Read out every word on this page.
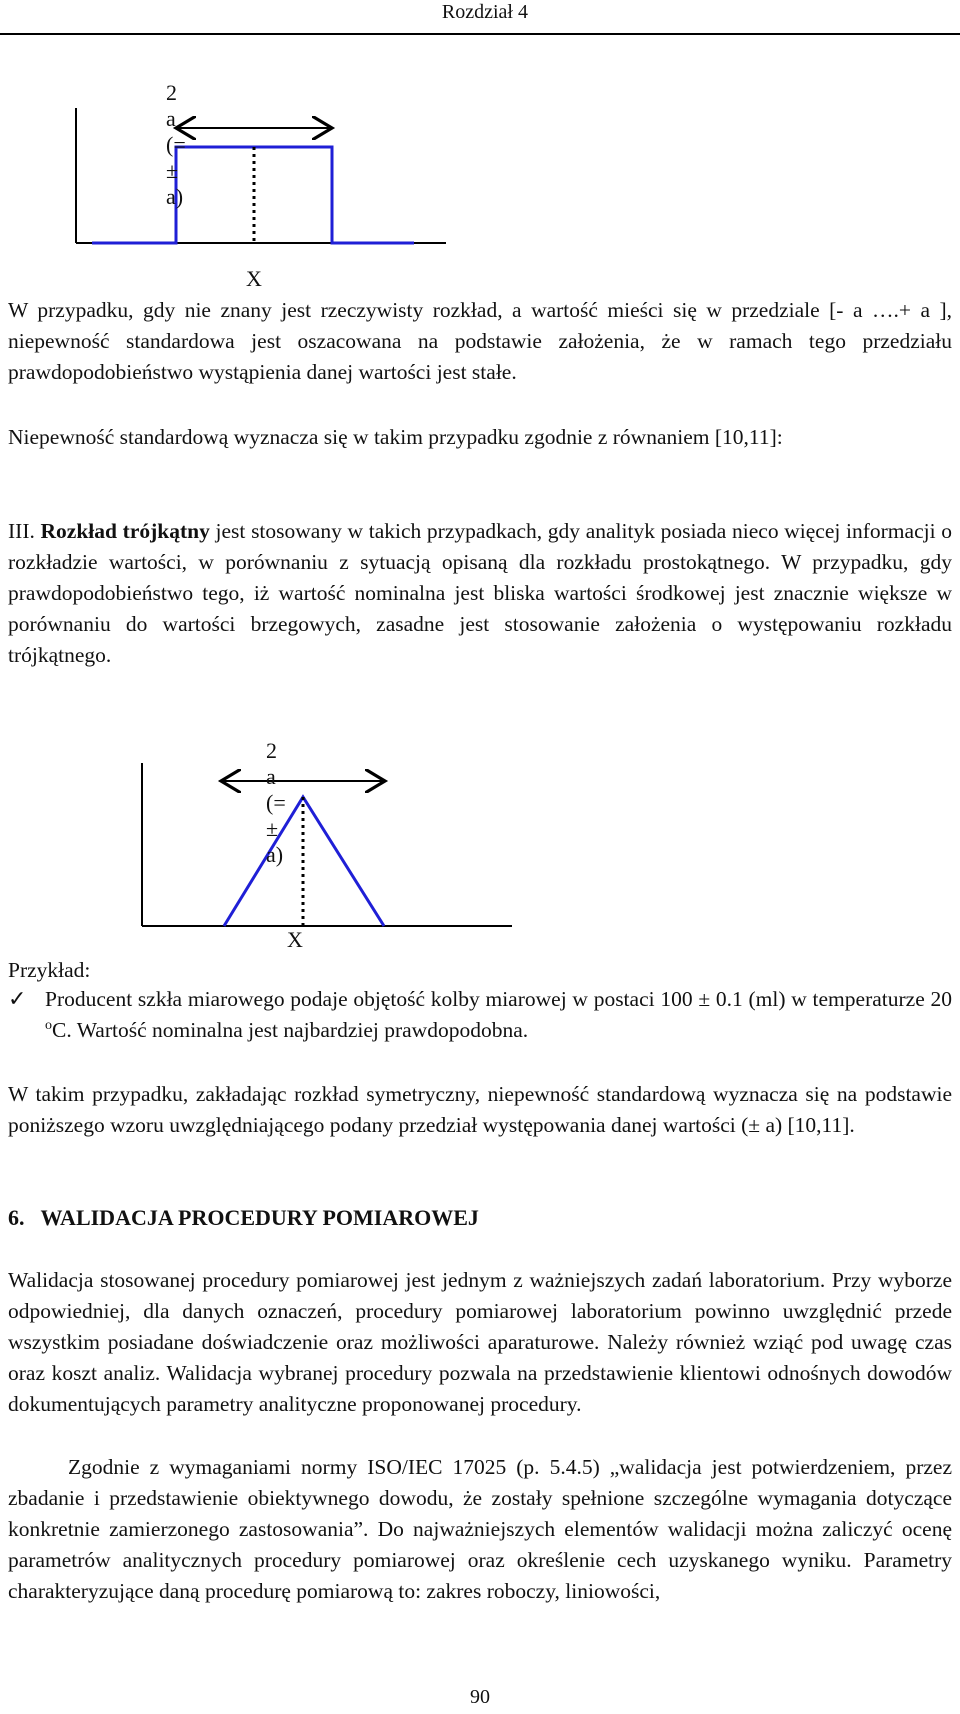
Rozdział 4
2 a (= ± a)
X

W przypadku, gdy nie znany jest rzeczywisty rozkład, a wartość mieści się w przedziale [- a ….+ a ], niepewność standardowa jest oszacowana na podstawie założenia, że w ramach tego przedziału prawdopodobieństwo wystąpienia danej wartości jest stałe.

Niepewność standardową wyznacza się w takim przypadku zgodnie z równaniem [10,11]:

III. Rozkład trójkątny jest stosowany w takich przypadkach, gdy analityk posiada nieco więcej informacji o rozkładzie wartości, w porównaniu z sytuacją opisaną dla rozkładu prostokątnego. W przypadku, gdy prawdopodobieństwo tego, iż wartość nominalna jest bliska wartości środkowej jest znacznie większe w porównaniu do wartości brzegowych, zasadne jest stosowanie założenia o występowaniu rozkładu trójkątnego.

2 a (= ± a)
X
Przykład:
✓ Producent szkła miarowego podaje objętość kolby miarowej w postaci 100 ± 0.1 (ml) w temperaturze 20 $^o$C. Wartość nominalna jest najbardziej prawdopodobna.

W takim przypadku, zakładając rozkład symetryczny, niepewność standardową wyznacza się na podstawie poniższego wzoru uwzględniającego podany przedział występowania danej wartości (± a) [10,11].

6. WALIDACJA PROCEDURY POMIAROWEJ

Walidacja stosowanej procedury pomiarowej jest jednym z ważniejszych zadań laboratorium. Przy wyborze odpowiedniej, dla danych oznaczeń, procedury pomiarowej laboratorium powinno uwzględnić przede wszystkim posiadane doświadczenie oraz możliwości aparaturowe. Należy również wziąć pod uwagę czas oraz koszt analiz. Walidacja wybranej procedury pozwala na przedstawienie klientowi odnośnych dowodów dokumentujących parametry analityczne proponowanej procedury.

Zgodnie z wymaganiami normy ISO/IEC 17025 (p. 5.4.5) „walidacja jest potwierdzeniem, przez zbadanie i przedstawienie obiektywnego dowodu, że zostały spełnione szczególne wymagania dotyczące konkretnie zamierzonego zastosowania”. Do najważniejszych elementów walidacji można zaliczyć ocenę parametrów analitycznych procedury pomiarowej oraz określenie cech uzyskanego wyniku. Parametry charakteryzujące daną procedurę pomiarową to: zakres roboczy, liniowości,

90
